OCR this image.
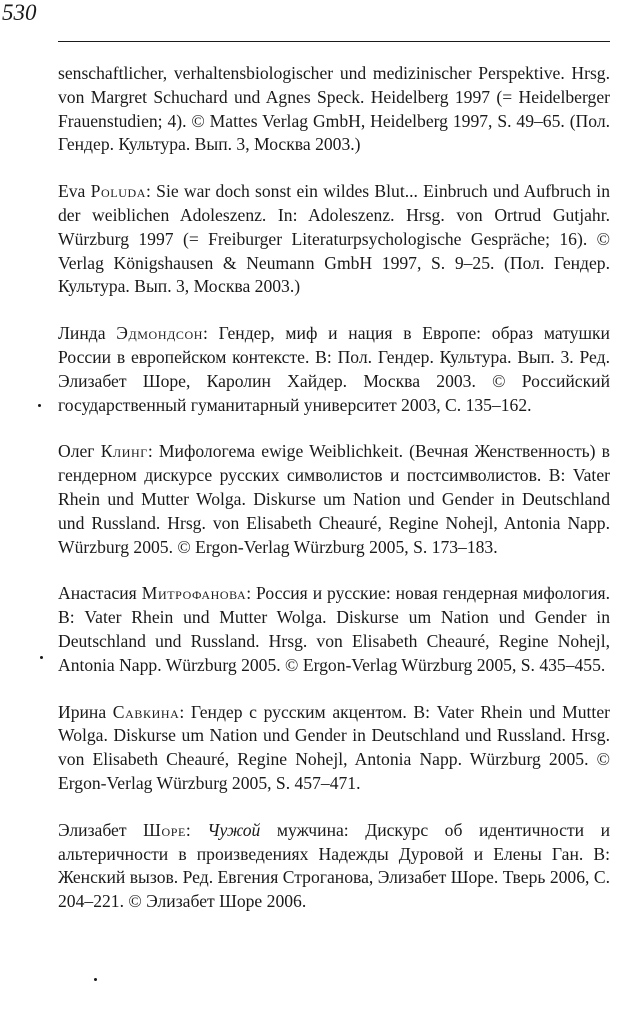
530

senschaftlicher, verhaltensbiologischer und medizinischer Perspektive. Hrsg. von Margret Schuchard und Agnes Speck. Heidelberg 1997 (= Heidelberger Frauenstudien; 4). © Mattes Verlag GmbH, Heidelberg 1997, S. 49–65. (Пол. Гендер. Культура. Вып. 3, Москва 2003.)

Eva Poluda: Sie war doch sonst ein wildes Blut... Einbruch und Aufbruch in der weiblichen Adoleszenz. In: Adoleszenz. Hrsg. von Ortrud Gutjahr. Würzburg 1997 (= Freiburger Literaturpsychologische Gespräche; 16). © Verlag Königshausen & Neumann GmbH 1997, S. 9–25. (Пол. Гендер. Культура. Вып. 3, Москва 2003.)

Линда Эдмондсон: Гендер, миф и нация в Европе: образ матушки России в европейском контексте. В: Пол. Гендер. Культура. Вып. 3. Ред. Элизабет Шоре, Каролин Хайдер. Москва 2003. © Российский государственный гуманитарный университет 2003, С. 135–162.

Олег Клинг: Мифологема ewige Weiblichkeit. (Вечная Женственность) в гендерном дискурсе русских символистов и постсимволистов. В: Vater Rhein und Mutter Wolga. Diskurse um Nation und Gender in Deutschland und Russland. Hrsg. von Elisabeth Cheauré, Regine Nohejl, Antonia Napp. Würzburg 2005. © Ergon-Verlag Würzburg 2005, S. 173–183.

Анастасия Митрофанова: Россия и русские: новая гендерная мифология. В: Vater Rhein und Mutter Wolga. Diskurse um Nation und Gender in Deutschland und Russland. Hrsg. von Elisabeth Cheauré, Regine Nohejl, Antonia Napp. Würzburg 2005. © Ergon-Verlag Würzburg 2005, S. 435–455.

Ирина Савкина: Гендер с русским акцентом. В: Vater Rhein und Mutter Wolga. Diskurse um Nation und Gender in Deutschland und Russland. Hrsg. von Elisabeth Cheauré, Regine Nohejl, Antonia Napp. Würzburg 2005. © Ergon-Verlag Würzburg 2005, S. 457–471.

Элизабет Шоре: Чужой мужчина: Дискурс об идентичности и альтеричности в произведениях Надежды Дуровой и Елены Ган. В: Женский вызов. Ред. Евгения Строганова, Элизабет Шоре. Тверь 2006, С. 204–221. © Элизабет Шоре 2006.
